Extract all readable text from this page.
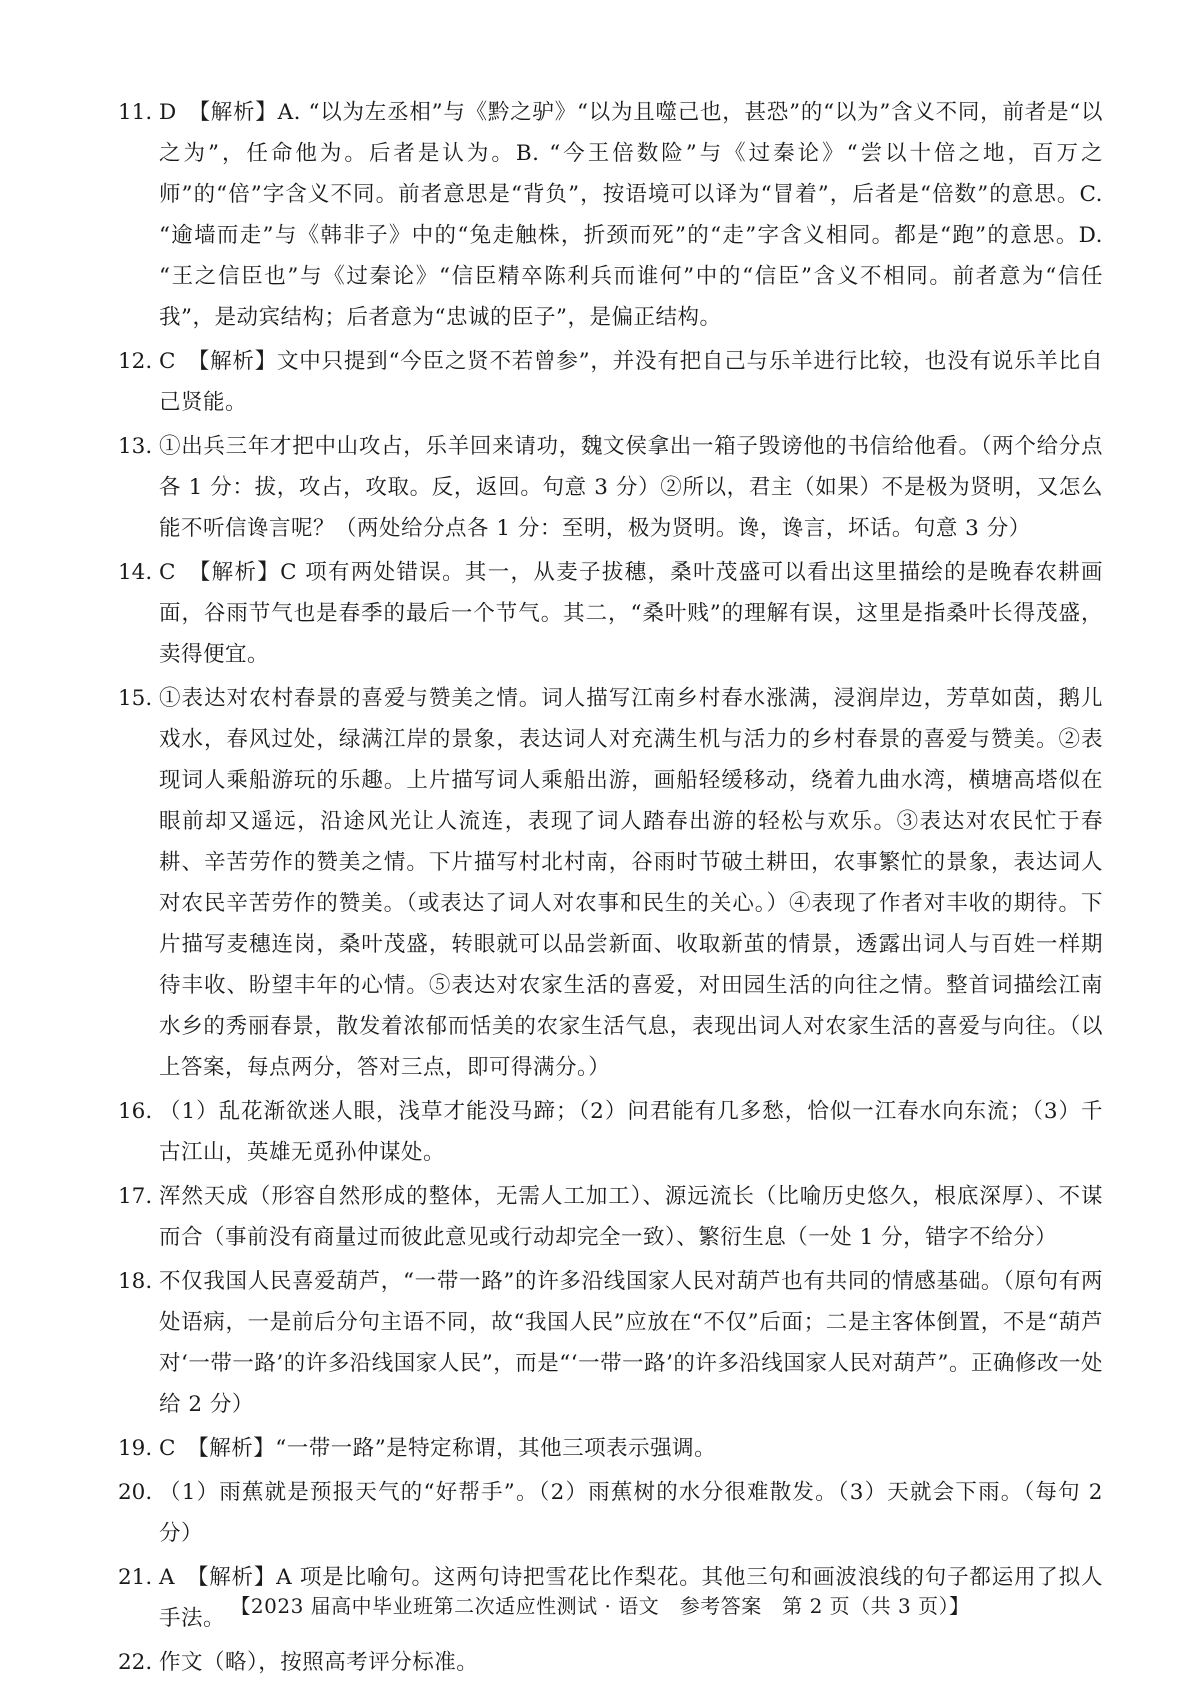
11. D　【解析】A. “以为左丞相”与《黔之驴》“以为且噬己也，甚恐”的“以为”含义不同，前者是“以之为”，任命他为。后者是认为。B. “今王倍数险”与《过秦论》“尝以十倍之地，百万之师”的“倍”字含义不同。前者意思是“背负”，按语境可以译为“冒着”，后者是“倍数”的意思。C. “逾墙而走”与《韩非子》中的“兔走触株，折颈而死”的“走”字含义相同。都是“跑”的意思。D. “王之信臣也”与《过秦论》“信臣精卒陈利兵而谁何”中的“信臣”含义不相同。前者意为“信任我”，是动宾结构；后者意为“忠诚的臣子”，是偏正结构。
12. C　【解析】文中只提到“今臣之贤不若曾参”，并没有把自己与乐羊进行比较，也没有说乐羊比自己贤能。
13. ①出兵三年才把中山攻占，乐羊回来请功，魏文侯拿出一箱子毁谤他的书信给他看。（两个给分点各 1 分：拔，攻占，攻取。反，返回。句意 3 分）②所以，君主（如果）不是极为贤明，又怎么能不听信谗言呢？（两处给分点各 1 分：至明，极为贤明。谗，谗言，坏话。句意 3 分）
14. C　【解析】C 项有两处错误。其一，从麦子拔穗，桑叶茂盛可以看出这里描绘的是晚春农耕画面，谷雨节气也是春季的最后一个节气。其二，“桑叶贱”的理解有误，这里是指桑叶长得茂盛，卖得便宜。
15. ①表达对农村春景的喜爱与赞美之情。词人描写江南乡村春水涨满，浸润岸边，芳草如茵，鹅儿戏水，春风过处，绿满江岸的景象，表达词人对充满生机与活力的乡村春景的喜爱与赞美。②表现词人乘船游玩的乐趣。上片描写词人乘船出游，画船轻缓移动，绕着九曲水湾，横塘高塔似在眼前却又遥远，沿途风光让人流连，表现了词人踏春出游的轻松与欢乐。③表达对农民忙于春耕、辛苦劳作的赞美之情。下片描写村北村南，谷雨时节破土耕田，农事繁忙的景象，表达词人对农民辛苦劳作的赞美。（或表达了词人对农事和民生的关心。）④表现了作者对丰收的期待。下片描写麦穗连岗，桑叶茂盛，转眼就可以品尝新面、收取新茧的情景，透露出词人与百姓一样期待丰收、盼望丰年的心情。⑤表达对农家生活的喜爱，对田园生活的向往之情。整首词描绘江南水乡的秀丽春景，散发着浓郁而恬美的农家生活气息，表现出词人对农家生活的喜爱与向往。（以上答案，每点两分，答对三点，即可得满分。）
16. （1）乱花渐欲迷人眼，浅草才能没马蹄；（2）问君能有几多愁，恰似一江春水向东流；（3）千古江山，英雄无觅孙仲谋处。
17. 浑然天成（形容自然形成的整体，无需人工加工）、源远流长（比喻历史悠久，根底深厚）、不谋而合（事前没有商量过而彼此意见或行动却完全一致）、繁衍生息（一处 1 分，错字不给分）
18. 不仅我国人民喜爱葫芦，“一带一路”的许多沿线国家人民对葫芦也有共同的情感基础。（原句有两处语病，一是前后分句主语不同，故“我国人民”应放在“不仅”后面；二是主客体倒置，不是“葫芦对‘一带一路’的许多沿线国家人民”，而是“‘一带一路’的许多沿线国家人民对葫芦”。正确修改一处给 2 分）
19. C　【解析】“一带一路”是特定称谓，其他三项表示强调。
20. （1）雨蕉就是预报天气的“好帮手”。（2）雨蕉树的水分很难散发。（3）天就会下雨。（每句 2 分）
21. A　【解析】A 项是比喻句。这两句诗把雪花比作梨花。其他三句和画波浪线的句子都运用了拟人手法。
22. 作文（略），按照高考评分标准。
【2023 届高中毕业班第二次适应性测试 · 语文　参考答案　第 2 页（共 3 页）】
